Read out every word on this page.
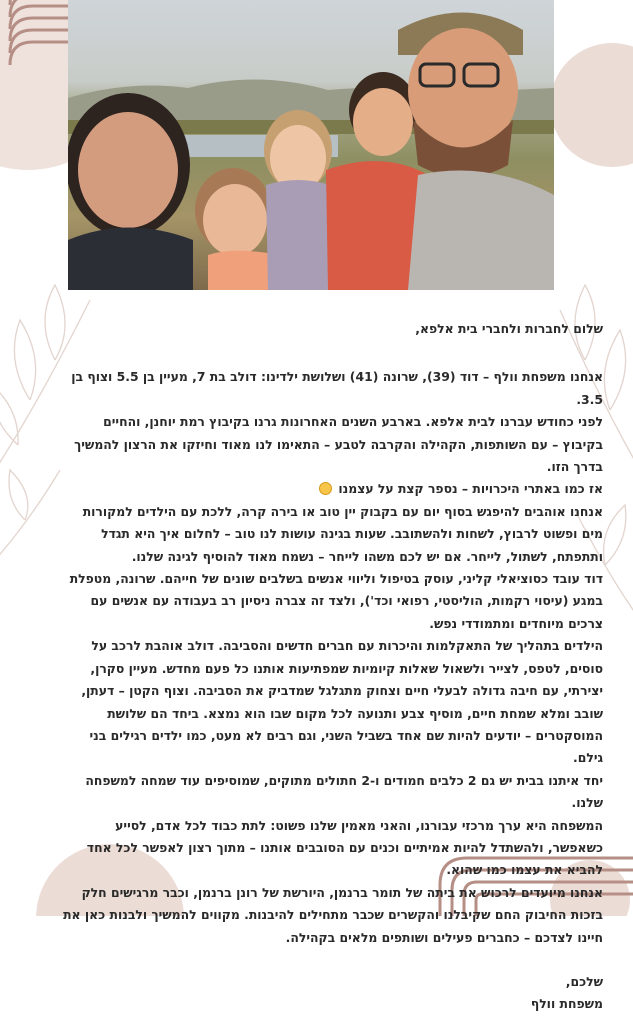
שלום לחברות ולחברי בית אלפא,

אנחנו משפחת וולף – דוד (39), שרונה (41) ושלושת ילדינו: דולב בת 7, מעיין בן 5.5 וצוף בן 3.5.

לפני כחודש עברנו לבית אלפא. בארבע השנים האחרונות גרנו בקיבוץ רמת יוחנן, והחיים בקיבוץ – עם השותפות, הקהילה והקרבה לטבע – התאימו לנו מאוד וחיזקו את הרצון להמשיך בדרך הזו.

אז כמו באתרי היכרויות – נספר קצת על עצמנו

אנחנו אוהבים להיפגש בסוף יום עם בקבוק יין טוב או בירה קרה, ללכת עם הילדים למקורות מים ופשוט לרבוץ, לשחות ולהשתובב. שעות בגינה עושות לנו טוב – לחלום איך היא תגדל ותתפתח, לשתול, לייחר. אם יש לכם משהו לייחר – נשמח מאוד להוסיף לגינה שלנו.

דוד עובד כסוציאלי קליני, עוסק בטיפול וליווי אנשים בשלבים שונים של חייהם. שרונה, מטפלת במגע (עיסוי רקמות, הוליסטי, רפואי וכד'), ולצד זה צברה ניסיון רב בעבודה עם אנשים עם צרכים מיוחדים ומתמודדי נפש.

הילדים בתהליך של התאקלמות והיכרות עם חברים חדשים והסביבה. דולב אוהבת לרכב על סוסים, לטפס, לצייר ולשאול שאלות קיומיות שמפתיעות אותנו כל פעם מחדש. מעיין סקרן, יצירתי, עם חיבה גדולה לבעלי חיים וצחוק מתגלגל שמדביק את הסביבה. וצוף הקטן – דעתן, שובב ומלא שמחת חיים, מוסיף צבע ותנועה לכל מקום שבו הוא נמצא. ביחד הם שלושת המוסקטרים – יודעים להיות שם אחד בשביל השני, וגם רבים לא מעט, כמו ילדים רגילים בני גילם.

יחד איתנו בבית יש גם 2 כלבים חמודים ו-2 חתולים מתוקים, שמוסיפים עוד שמחה למשפחה שלנו.

המשפחה היא ערך מרכזי עבורנו, והאני מאמין שלנו פשוט: לתת כבוד לכל אדם, לסייע כשאפשר, ולהשתדל להיות אמיתיים וכנים עם הסובבים אותנו – מתוך רצון לאפשר לכל אחד להביא את עצמו כמו שהוא.

אנחנו מיועדים לרכוש את ביתה של תומר ברנמן, היורשת של רונן ברנמן, וכבר מרגישים חלק בזכות החיבוק החם שקיבלנו והקשרים שכבר מתחילים להיבנות. מקווים להמשיך ולבנות כאן את חיינו לצדכם – כחברים פעילים ושותפים מלאים בקהילה.

שלכם,

משפחת וולף
